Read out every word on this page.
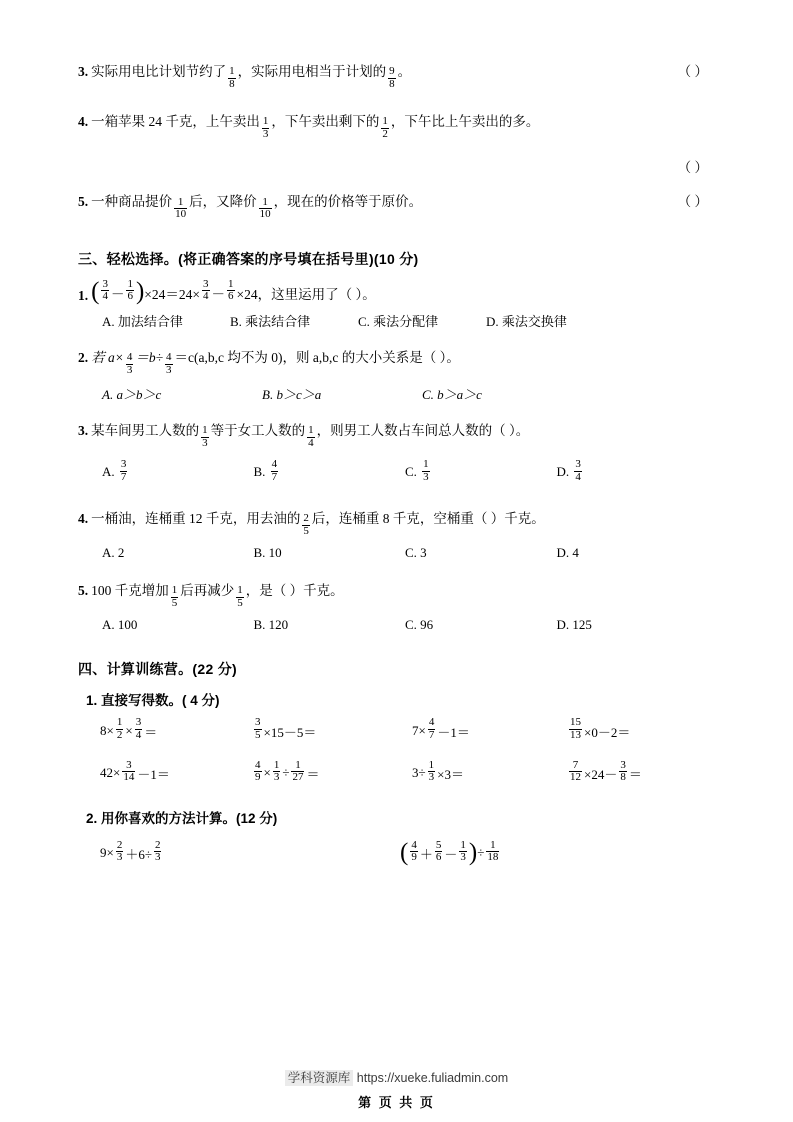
3. 实际用电比计划节约了 $\frac{1}{8}$ ，实际用电相当于计划的 $\frac{9}{8}$ 。	（ ）
4. 一箱苹果 24 千克，上午卖出 $\frac{1}{3}$ ，下午卖出剩下的 $\frac{1}{2}$ ，下午比上午卖出的多。
（ ）
5. 一种商品提价 $\frac{1}{10}$ 后，又降价 $\frac{1}{10}$ ，现在的价格等于原价。	（ ）
三、轻松选择。(将正确答案的序号填在括号里)(10 分)
1. ( $\frac{3}{4} - \frac{1}{6}$ ) $\times 24=24\times \frac{3}{4} - \frac{1}{6} \times 24$，这里运用了（ ）。
A. 加法结合律	B. 乘法结合律	C. 乘法分配律	D. 乘法交换律
2. 若 $a\times \frac{4}{3} =b\div \frac{4}{3} =c(a,b,c$ 均不为 0)，则 a,b,c 的大小关系是（ ）。
A. a＞b＞c	B. b＞c＞a	C. b＞a＞c
3. 某车间男工人数的 $\frac{1}{3}$ 等于女工人数的 $\frac{1}{4}$ ，则男工人数占车间总人数的（ ）。
A. $\frac{3}{7}$	B. $\frac{4}{7}$	C. $\frac{1}{3}$	D. $\frac{3}{4}$
4. 一桶油，连桶重 12 千克，用去油的 $\frac{2}{5}$ 后，连桶重 8 千克，空桶重（ ）千克。
A. 2	B. 10	C. 3	D. 4
5. 100 千克增加 $\frac{1}{5}$ 后再减少 $\frac{1}{5}$ ，是（ ）千克。
A. 100	B. 120	C. 96	D. 125
四、计算训练营。(22 分)
1. 直接写得数。( 4 分)
$8\times \frac{1}{2} \times \frac{3}{4}$ ＝	$\frac{3}{5} \times 15-5=$	$7\times \frac{4}{7} -1=$	$\frac{15}{13} \times 0-2=$
$42\times \frac{3}{14} -1=$	$\frac{4}{9} \times \frac{1}{3} \div \frac{1}{27}$ ＝	$3\div \frac{1}{3} \times 3=$	$\frac{7}{12} \times 24- \frac{3}{8}$ ＝
2. 用你喜欢的方法计算。(12 分)
$9\times \frac{2}{3} +6\div \frac{2}{3}$	( $\frac{4}{9} + \frac{5}{6} - \frac{1}{3}$ ) ÷ $\frac{1}{18}$
学科资源库 https://xueke.fuliadmin.com
第 页 共 页
